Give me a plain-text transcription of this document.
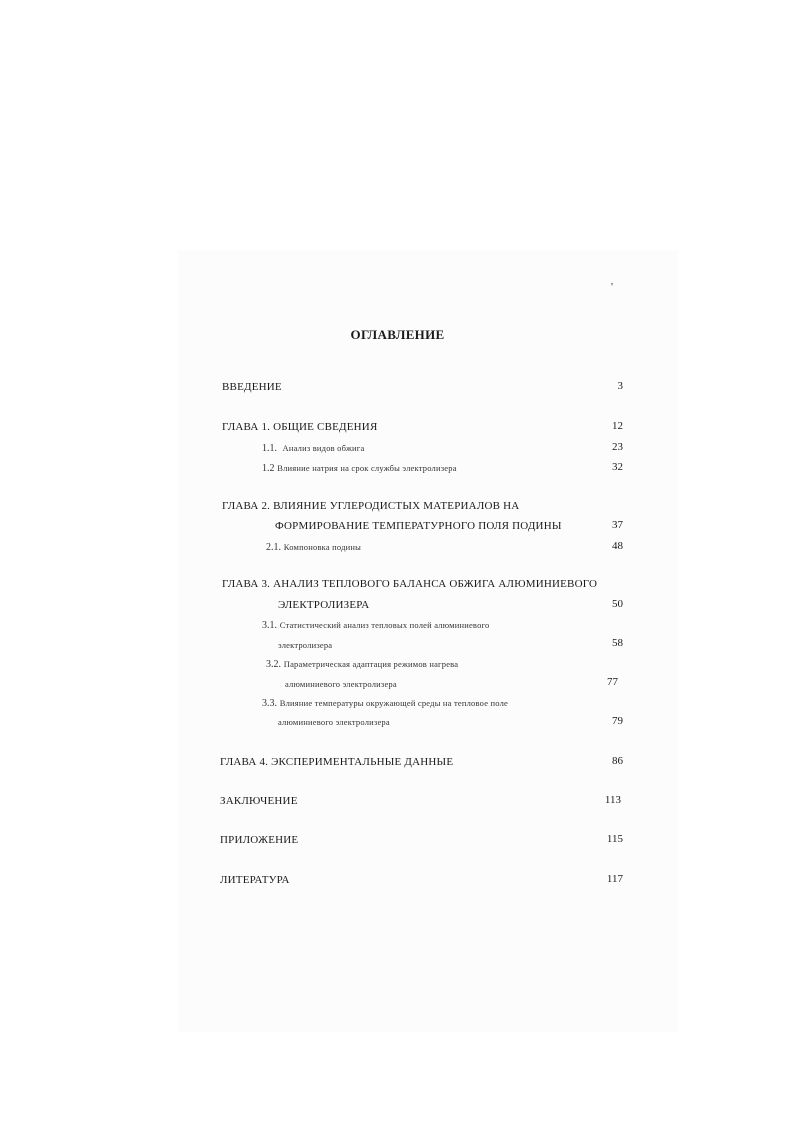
'
ОГЛАВЛЕНИЕ
ВВЕДЕНИЕ	3
ГЛАВА 1. ОБЩИЕ СВЕДЕНИЯ	12
1.1. Анализ видов обжига	23
1.2 Влияние натрия на срок службы электролизера	32
ГЛАВА 2. ВЛИЯНИЕ УГЛЕРОДИСТЫХ МАТЕРИАЛОВ НА
ФОРМИРОВАНИЕ ТЕМПЕРАТУРНОГО ПОЛЯ ПОДИНЫ	37
2.1. Компоновка подины	48
ГЛАВА 3. АНАЛИЗ ТЕПЛОВОГО БАЛАНСА ОБЖИГА АЛЮМИНИЕВОГО
ЭЛЕКТРОЛИЗЕРА	50
3.1. Статистический анализ тепловых полей алюминиевого
электролизера	58
3.2. Параметрическая адаптация режимов нагрева
алюминиевого электролизера	77
3.3. Влияние температуры окружающей среды на тепловое поле
алюминиевого электролизера	79
ГЛАВА 4. ЭКСПЕРИМЕНТАЛЬНЫЕ ДАННЫЕ	86
ЗАКЛЮЧЕНИЕ	113
ПРИЛОЖЕНИЕ	115
ЛИТЕРАТУРА	117
